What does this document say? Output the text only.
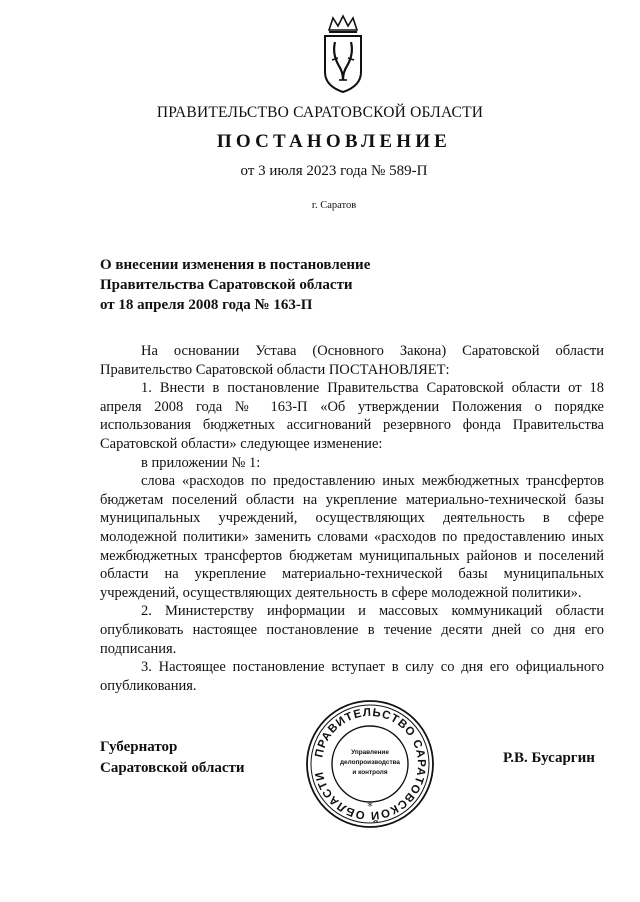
ПРАВИТЕЛЬСТВО САРАТОВСКОЙ ОБЛАСТИ
ПОСТАНОВЛЕНИЕ
от 3 июля 2023 года № 589-П
г. Саратов
О внесении изменения в постановление
Правительства Саратовской области
от 18 апреля 2008 года № 163-П

На основании Устава (Основного Закона) Саратовской области Правительство Саратовской области ПОСТАНОВЛЯЕТ:

1. Внести в постановление Правительства Саратовской области от 18 апреля 2008 года № 163-П «Об утверждении Положения о порядке использования бюджетных ассигнований резервного фонда Правительства Саратовской области» следующее изменение:

в приложении № 1:

слова «расходов по предоставлению иных межбюджетных трансфертов бюджетам поселений области на укрепление материально-технической базы муниципальных учреждений, осуществляющих деятельность в сфере молодежной политики» заменить словами «расходов по предоставлению иных межбюджетных трансфертов бюджетам муниципальных районов и поселений области на укрепление материально-технической базы муниципальных учреждений, осуществляющих деятельность в сфере молодежной политики».

2. Министерству информации и массовых коммуникаций области опубликовать настоящее постановление в течение десяти дней со дня его подписания.

3. Настоящее постановление вступает в силу со дня его официального опубликования.

Губернатор
Саратовской области
ПРАВИТЕЛЬСТВО САРАТОВСКОЙ ОБЛАСТИ
Управление
делопроизводства
и контроля
*
Р.В. Бусаргин
